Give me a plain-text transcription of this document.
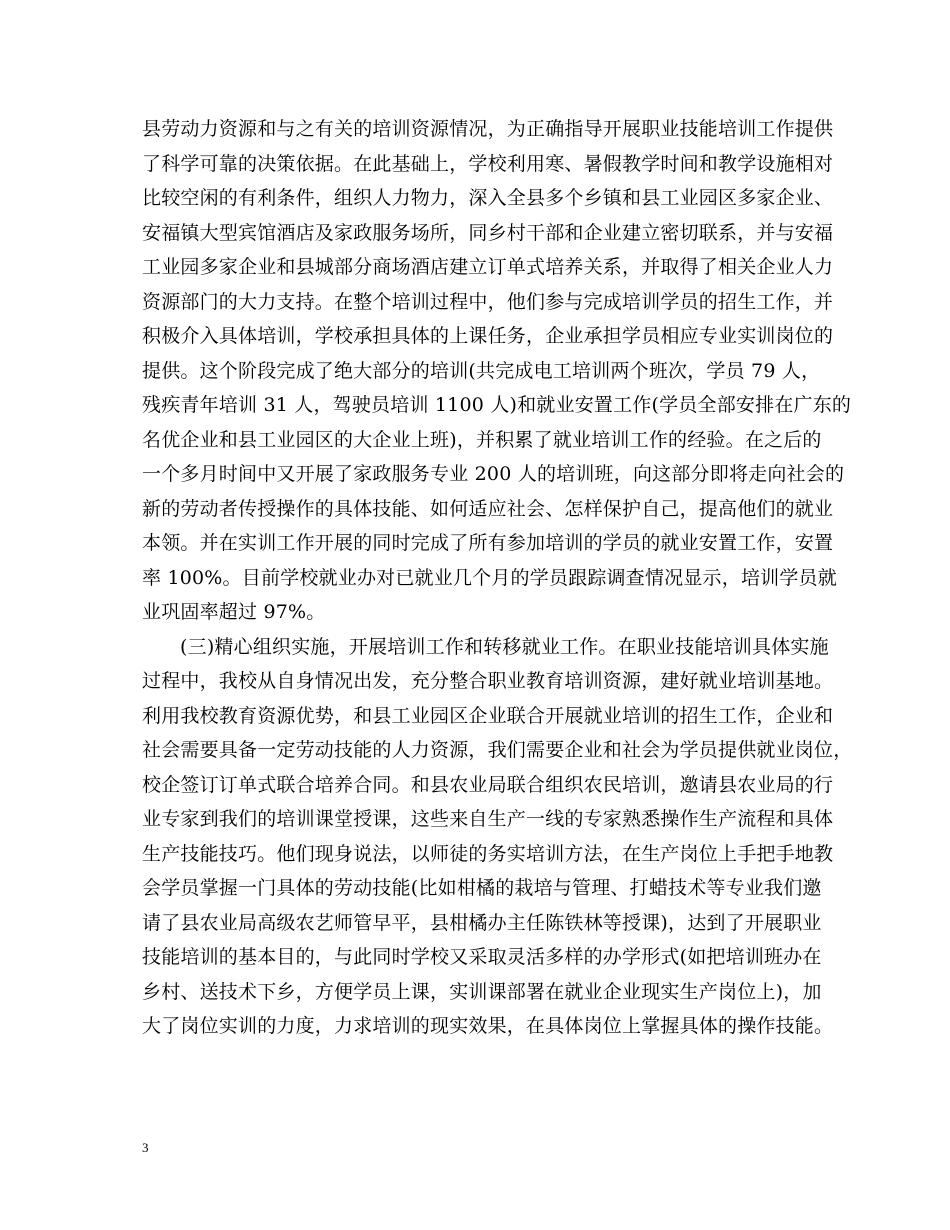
县劳动力资源和与之有关的培训资源情况，为正确指导开展职业技能培训工作提供
了科学可靠的决策依据。在此基础上，学校利用寒、暑假教学时间和教学设施相对
比较空闲的有利条件，组织人力物力，深入全县多个乡镇和县工业园区多家企业、
安福镇大型宾馆酒店及家政服务场所，同乡村干部和企业建立密切联系，并与安福
工业园多家企业和县城部分商场酒店建立订单式培养关系，并取得了相关企业人力
资源部门的大力支持。在整个培训过程中，他们参与完成培训学员的招生工作，并
积极介入具体培训，学校承担具体的上课任务，企业承担学员相应专业实训岗位的
提供。这个阶段完成了绝大部分的培训(共完成电工培训两个班次，学员 79 人，
残疾青年培训 31 人，驾驶员培训 1100 人)和就业安置工作(学员全部安排在广东的
名优企业和县工业园区的大企业上班)，并积累了就业培训工作的经验。在之后的
一个多月时间中又开展了家政服务专业 200 人的培训班，向这部分即将走向社会的
新的劳动者传授操作的具体技能、如何适应社会、怎样保护自己，提高他们的就业
本领。并在实训工作开展的同时完成了所有参加培训的学员的就业安置工作，安置
率 100%。目前学校就业办对已就业几个月的学员跟踪调查情况显示，培训学员就
业巩固率超过 97%。

(三)精心组织实施，开展培训工作和转移就业工作。在职业技能培训具体实施
过程中，我校从自身情况出发，充分整合职业教育培训资源，建好就业培训基地。
利用我校教育资源优势，和县工业园区企业联合开展就业培训的招生工作，企业和
社会需要具备一定劳动技能的人力资源，我们需要企业和社会为学员提供就业岗位，
校企签订订单式联合培养合同。和县农业局联合组织农民培训，邀请县农业局的行
业专家到我们的培训课堂授课，这些来自生产一线的专家熟悉操作生产流程和具体
生产技能技巧。他们现身说法，以师徒的务实培训方法，在生产岗位上手把手地教
会学员掌握一门具体的劳动技能(比如柑橘的栽培与管理、打蜡技术等专业我们邀
请了县农业局高级农艺师管早平，县柑橘办主任陈铁林等授课)，达到了开展职业
技能培训的基本目的，与此同时学校又采取灵活多样的办学形式(如把培训班办在
乡村、送技术下乡，方便学员上课，实训课部署在就业企业现实生产岗位上)，加
大了岗位实训的力度，力求培训的现实效果，在具体岗位上掌握具体的操作技能。

3
